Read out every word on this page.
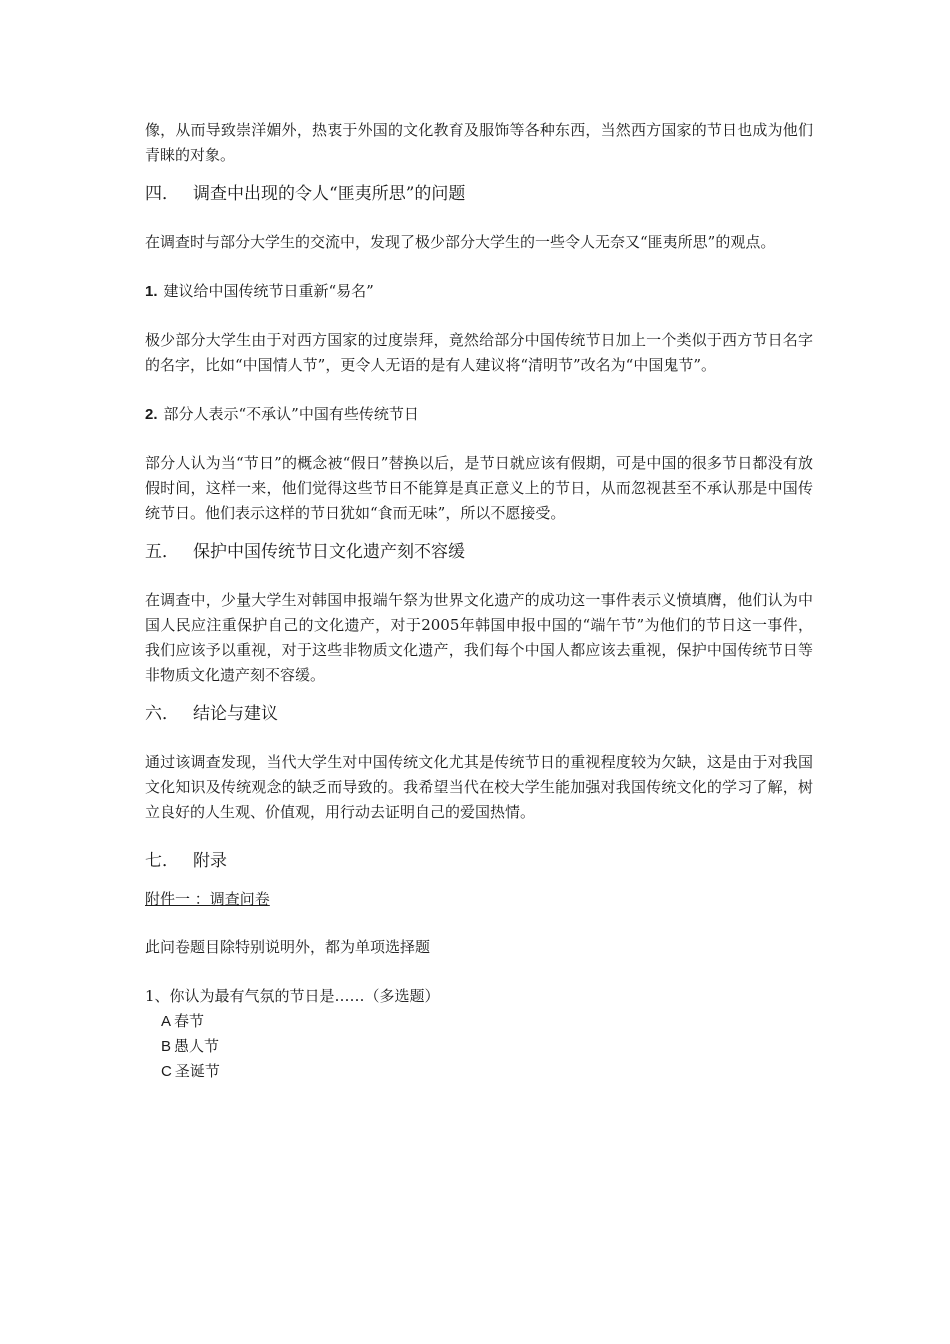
像，从而导致崇洋媚外，热衷于外国的文化教育及服饰等各种东西，当然西方国家的节日也成为他们青睐的对象。

四． 调查中出现的令人“匪夷所思”的问题

在调查时与部分大学生的交流中，发现了极少部分大学生的一些令人无奈又“匪夷所思”的观点。

1. 建议给中国传统节日重新“易名”

极少部分大学生由于对西方国家的过度崇拜，竟然给部分中国传统节日加上一个类似于西方节日名字的名字，比如“中国情人节”，更令人无语的是有人建议将“清明节”改名为“中国鬼节”。

2. 部分人表示“不承认”中国有些传统节日

部分人认为当“节日”的概念被“假日”替换以后，是节日就应该有假期，可是中国的很多节日都没有放假时间，这样一来，他们觉得这些节日不能算是真正意义上的节日，从而忽视甚至不承认那是中国传统节日。他们表示这样的节日犹如“食而无味”，所以不愿接受。

五． 保护中国传统节日文化遗产刻不容缓

在调查中，少量大学生对韩国申报端午祭为世界文化遗产的成功这一事件表示义愤填膺，他们认为中国人民应注重保护自己的文化遗产，对于2005年韩国申报中国的“端午节”为他们的节日这一事件，我们应该予以重视，对于这些非物质文化遗产，我们每个中国人都应该去重视，保护中国传统节日等非物质文化遗产刻不容缓。

六． 结论与建议

通过该调查发现，当代大学生对中国传统文化尤其是传统节日的重视程度较为欠缺，这是由于对我国文化知识及传统观念的缺乏而导致的。我希望当代在校大学生能加强对我国传统文化的学习了解，树立良好的人生观、价值观，用行动去证明自己的爱国热情。

七． 附录

附件一 ：调查问卷

此问卷题目除特别说明外，都为单项选择题

1、你认为最有气氛的节日是……（多选题）

A 春节

B 愚人节

C 圣诞节
